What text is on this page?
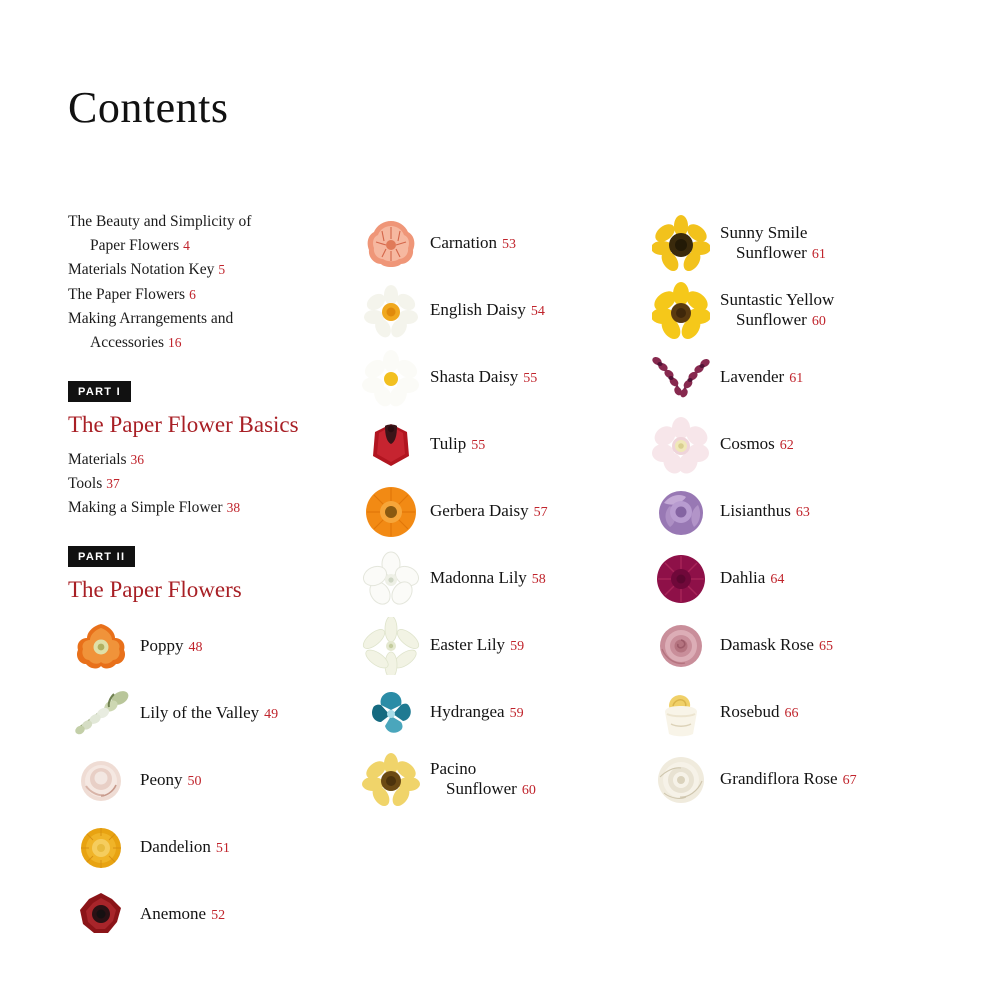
Contents
The Beauty and Simplicity of
Paper Flowers 4
Materials Notation Key 5
The Paper Flowers 6
Making Arrangements and
Accessories 16
PART I
The Paper Flower Basics
Materials 36
Tools 37
Making a Simple Flower 38
PART II
The Paper Flowers
Poppy 48
Lily of the Valley 49
Peony 50
Dandelion 51
Anemone 52
Carnation 53
English Daisy 54
Shasta Daisy 55
Tulip 55
Gerbera Daisy 57
Madonna Lily 58
Easter Lily 59
Hydrangea 59
Pacino
Sunflower 60
Sunny Smile
Sunflower 61
Suntastic Yellow
Sunflower 60
Lavender 61
Cosmos 62
Lisianthus 63
Dahlia 64
Damask Rose 65
Rosebud 66
Grandiflora Rose 67
